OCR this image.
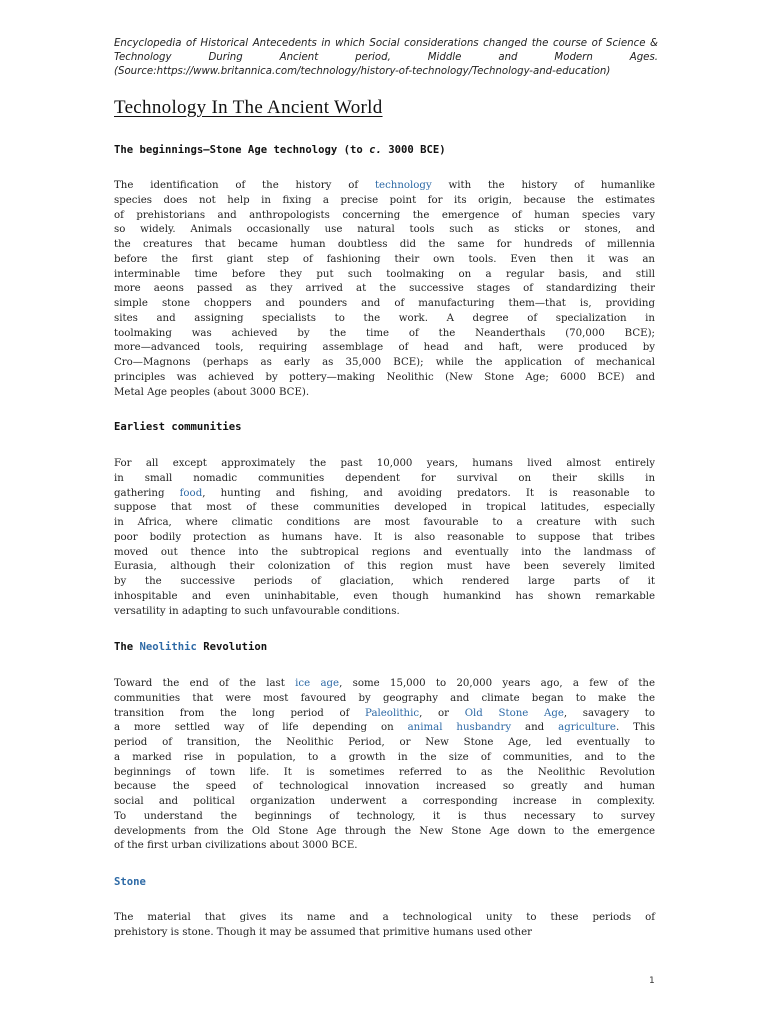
Encyclopedia of Historical Antecedents in which Social considerations changed the course of Science &
Technology During Ancient period, Middle and Modern Ages.
(Source:https://www.britannica.com/technology/history-of-technology/Technology-and-education)
Technology In The Ancient World
The beginnings—Stone Age technology (to c. 3000 BCE)
The identification of the history of technology with the history of humanlike
species does not help in fixing a precise point for its origin, because the estimates
of prehistorians and anthropologists concerning the emergence of human species vary
so widely. Animals occasionally use natural tools such as sticks or stones, and
the creatures that became human doubtless did the same for hundreds of millennia
before the first giant step of fashioning their own tools. Even then it was an
interminable time before they put such toolmaking on a regular basis, and still
more aeons passed as they arrived at the successive stages of standardizing their
simple stone choppers and pounders and of manufacturing them—that is, providing
sites and assigning specialists to the work. A degree of specialization in
toolmaking was achieved by the time of the Neanderthals (70,000 BCE);
more—advanced tools, requiring assemblage of head and haft, were produced by
Cro—Magnons (perhaps as early as 35,000 BCE); while the application of mechanical
principles was achieved by pottery—making Neolithic (New Stone Age; 6000 BCE) and
Metal Age peoples (about 3000 BCE).
Earliest communities
For all except approximately the past 10,000 years, humans lived almost entirely
in small nomadic communities dependent for survival on their skills in
gathering food, hunting and fishing, and avoiding predators. It is reasonable to
suppose that most of these communities developed in tropical latitudes, especially
in Africa, where climatic conditions are most favourable to a creature with such
poor bodily protection as humans have. It is also reasonable to suppose that tribes
moved out thence into the subtropical regions and eventually into the landmass of
Eurasia, although their colonization of this region must have been severely limited
by the successive periods of glaciation, which rendered large parts of it
inhospitable and even uninhabitable, even though humankind has shown remarkable
versatility in adapting to such unfavourable conditions.
The Neolithic Revolution
Toward the end of the last ice age, some 15,000 to 20,000 years ago, a few of the
communities that were most favoured by geography and climate began to make the
transition from the long period of Paleolithic, or Old Stone Age, savagery to
a more settled way of life depending on animal husbandry and agriculture. This
period of transition, the Neolithic Period, or New Stone Age, led eventually to
a marked rise in population, to a growth in the size of communities, and to the
beginnings of town life. It is sometimes referred to as the Neolithic Revolution
because the speed of technological innovation increased so greatly and human
social and political organization underwent a corresponding increase in complexity.
To understand the beginnings of technology, it is thus necessary to survey
developments from the Old Stone Age through the New Stone Age down to the emergence
of the first urban civilizations about 3000 BCE.
Stone
The material that gives its name and a technological unity to these periods of
prehistory is stone. Though it may be assumed that primitive humans used other
1
